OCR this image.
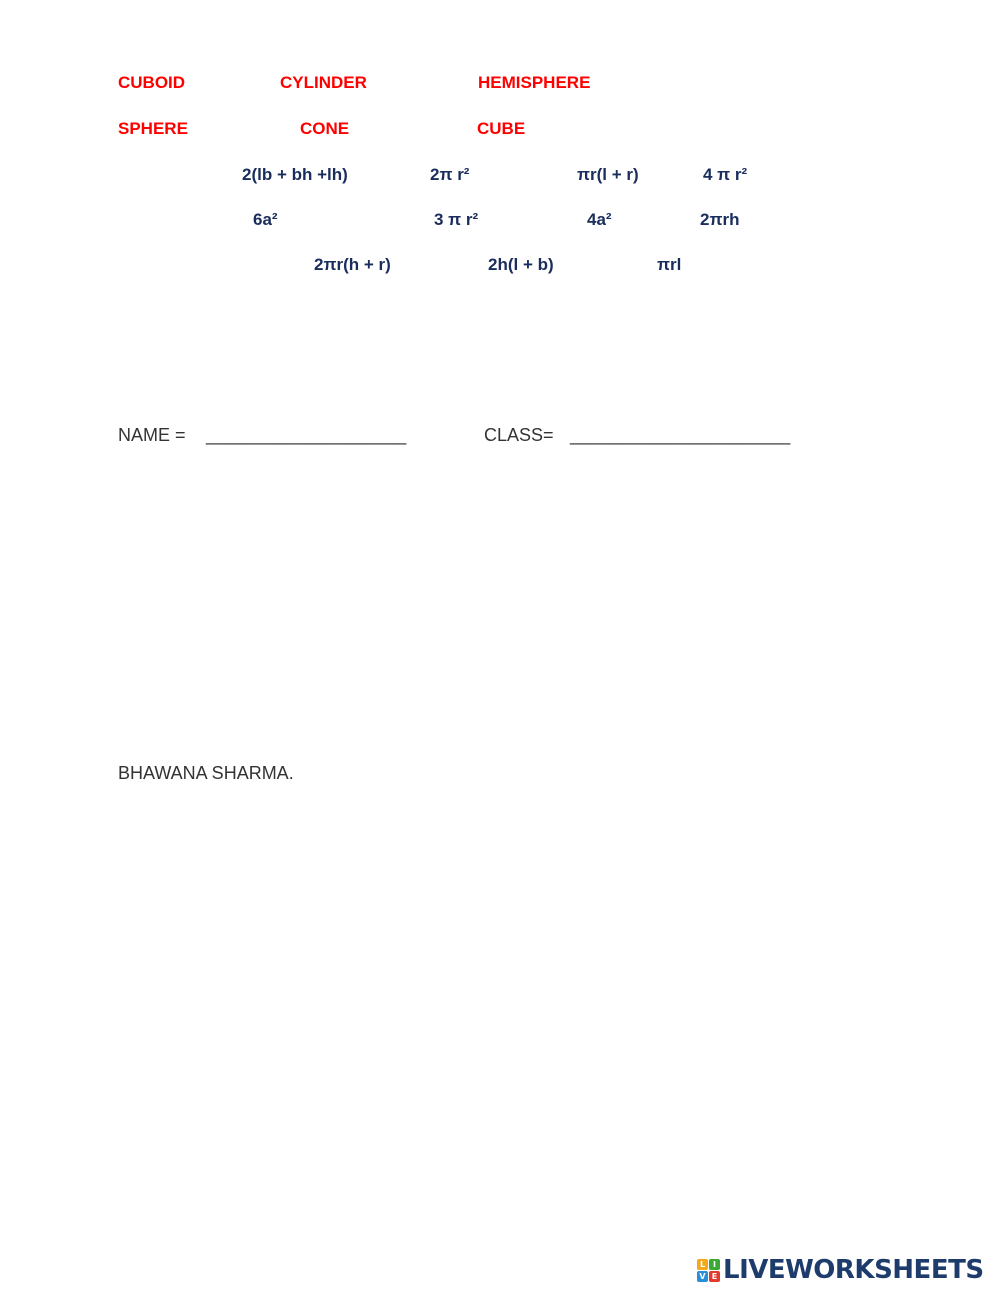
CUBOID	CYLINDER	HEMISPHERE
SPHERE	CONE	CUBE
2(lb + bh +lh)	2π r²	πr(l + r)	4 π r²
6a²	3 π r²	4a²	2πrh
2πr(h + r)	2h(l + b)	πrl
NAME = ____________________	CLASS= ______________________
BHAWANA SHARMA.
L I
V E LIVEWORKSHEETS
